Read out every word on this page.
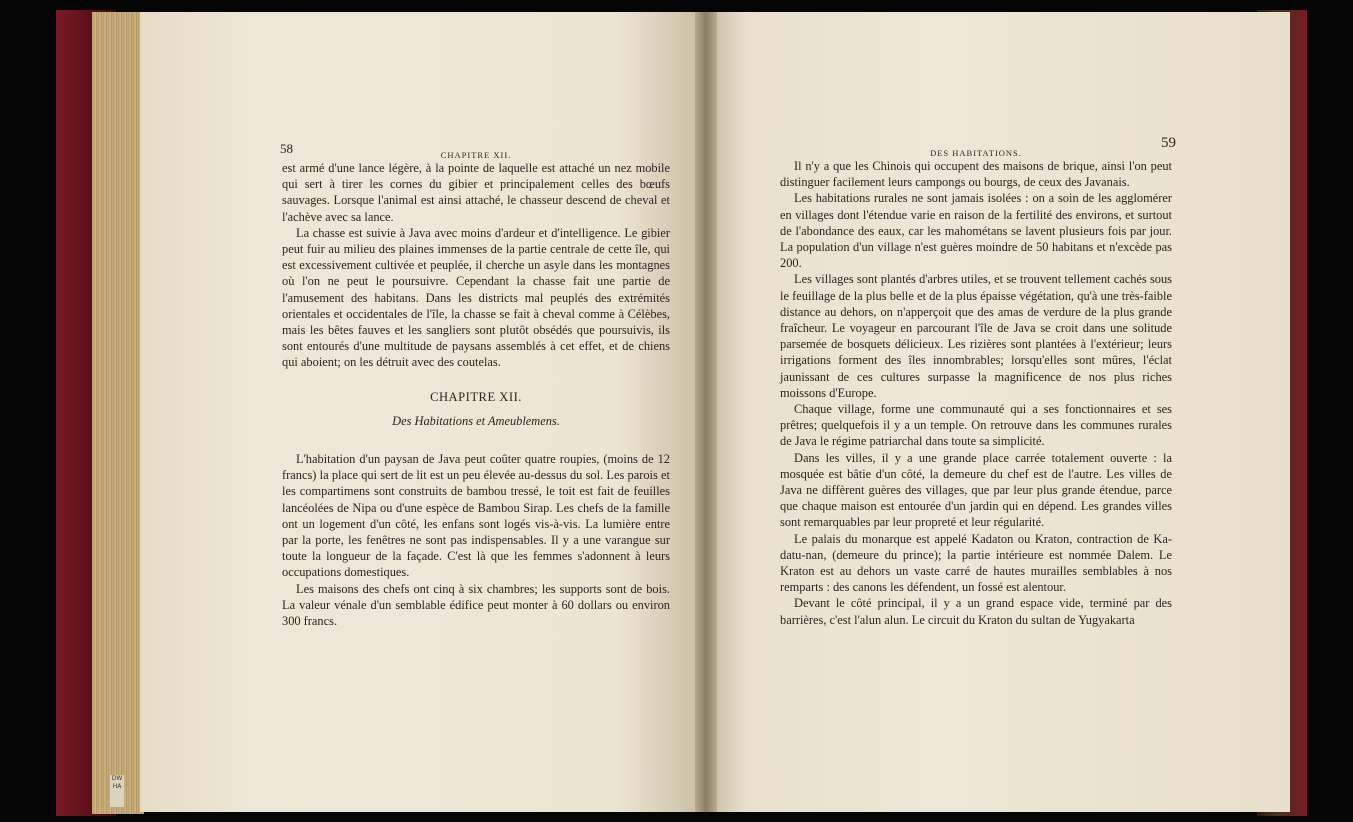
DW HA
58	CHAPITRE XII.

est armé d'une lance légère, à la pointe de laquelle est attaché un nez mobile qui sert à tirer les cornes du gibier et principalement celles des bœufs sauvages. Lorsque l'animal est ainsi attaché, le chasseur descend de cheval et l'achève avec sa lance.

La chasse est suivie à Java avec moins d'ardeur et d'intelligence. Le gibier peut fuir au milieu des plaines immenses de la partie centrale de cette île, qui est excessivement cultivée et peuplée, il cherche un asyle dans les montagnes où l'on ne peut le poursuivre. Cependant la chasse fait une partie de l'amusement des habitans. Dans les districts mal peuplés des extrémités orientales et occidentales de l'île, la chasse se fait à cheval comme à Célèbes, mais les bêtes fauves et les sangliers sont plutôt obsédés que poursuivis, ils sont entourés d'une multitude de paysans assemblés à cet effet, et de chiens qui aboient; on les détruit avec des coutelas.

CHAPITRE XII.
Des Habitations et Ameublemens.

L'habitation d'un paysan de Java peut coûter quatre roupies, (moins de 12 francs) la place qui sert de lit est un peu élevée au-dessus du sol. Les parois et les compartimens sont construits de bambou tressé, le toit est fait de feuilles lancéolées de Nipa ou d'une espèce de Bambou Sirap. Les chefs de la famille ont un logement d'un côté, les enfans sont logés vis-à-vis. La lumière entre par la porte, les fenêtres ne sont pas indispensables. Il y a une varangue sur toute la longueur de la façade. C'est là que les femmes s'adonnent à leurs occupations domestiques.

Les maisons des chefs ont cinq à six chambres; les supports sont de bois. La valeur vénale d'un semblable édifice peut monter à 60 dollars ou environ 300 francs.

DES HABITATIONS.
59

Il n'y a que les Chinois qui occupent des maisons de brique, ainsi l'on peut distinguer facilement leurs campongs ou bourgs, de ceux des Javanais.

Les habitations rurales ne sont jamais isolées : on a soin de les agglomérer en villages dont l'étendue varie en raison de la fertilité des environs, et surtout de l'abondance des eaux, car les mahométans se lavent plusieurs fois par jour. La population d'un village n'est guères moindre de 50 habitans et n'excède pas 200.

Les villages sont plantés d'arbres utiles, et se trouvent tellement cachés sous le feuillage de la plus belle et de la plus épaisse végétation, qu'à une très-faible distance au dehors, on n'apperçoit que des amas de verdure de la plus grande fraîcheur. Le voyageur en parcourant l'île de Java se croit dans une solitude parsemée de bosquets délicieux. Les rizières sont plantées à l'extérieur; leurs irrigations forment des îles innombrables; lorsqu'elles sont mûres, l'éclat jaunissant de ces cultures surpasse la magnificence de nos plus riches moissons d'Europe.

Chaque village, forme une communauté qui a ses fonctionnaires et ses prêtres; quelquefois il y a un temple. On retrouve dans les communes rurales de Java le régime patriarchal dans toute sa simplicité.

Dans les villes, il y a une grande place carrée totalement ouverte : la mosquée est bâtie d'un côté, la demeure du chef est de l'autre. Les villes de Java ne diffèrent guères des villages, que par leur plus grande étendue, parce que chaque maison est entourée d'un jardin qui en dépend. Les grandes villes sont remarquables par leur propreté et leur régularité.

Le palais du monarque est appelé Kadaton ou Kraton, contraction de Ka-datu-nan, (demeure du prince); la partie intérieure est nommée Dalem. Le Kraton est au dehors un vaste carré de hautes murailles semblables à nos remparts : des canons les défendent, un fossé est alentour.

Devant le côté principal, il y a un grand espace vide, terminé par des barrières, c'est l'alun alun. Le circuit du Kraton du sultan de Yugyakarta
